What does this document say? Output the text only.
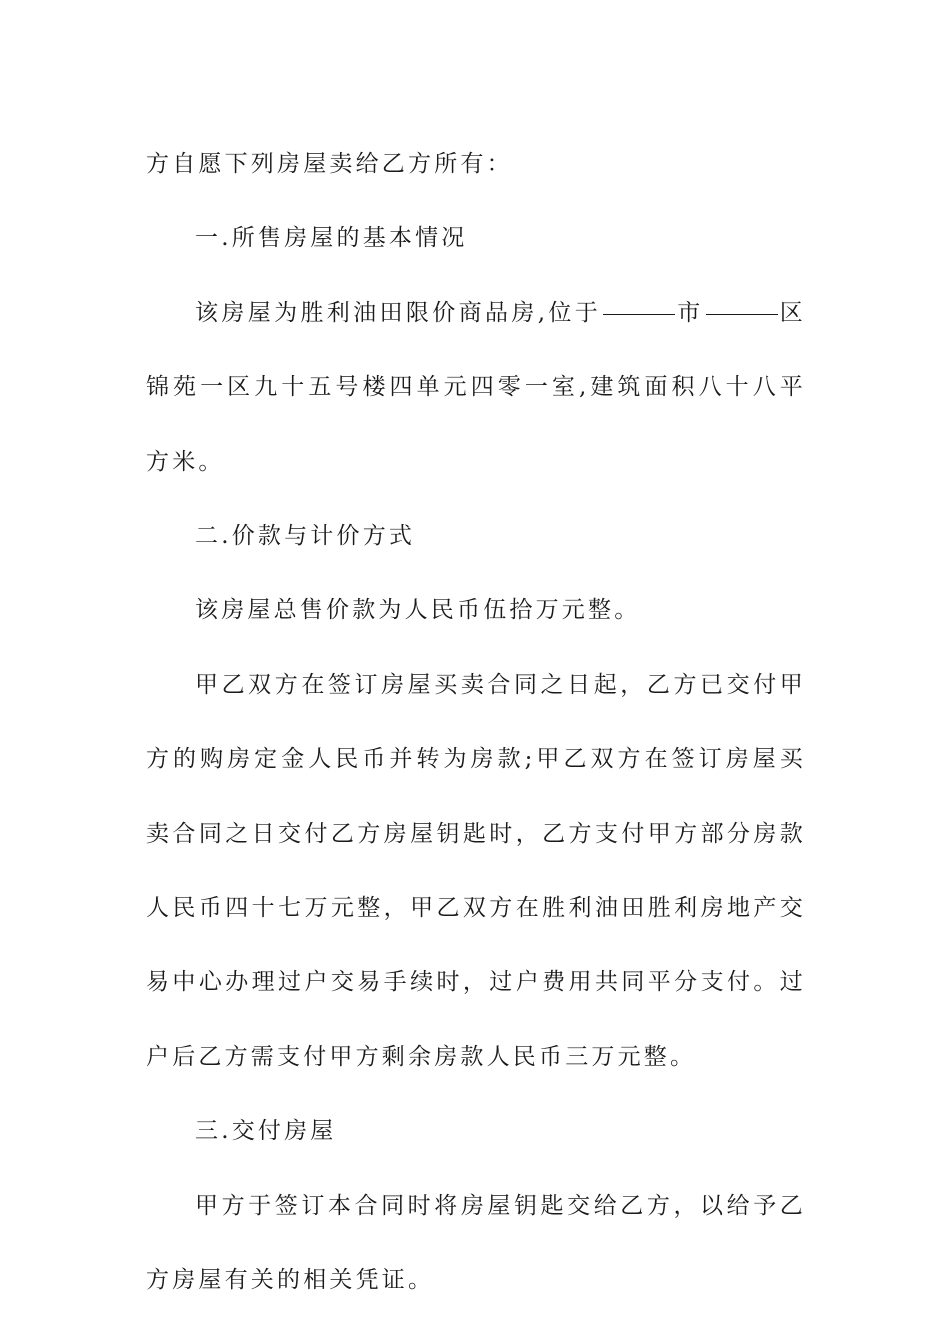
方自愿下列房屋卖给乙方所有：

一.所售房屋的基本情况

该房屋为胜利油田限价商品房,位于	市	区锦苑一区九十五号楼四单元四零一室,建筑面积八十八平方米。

二.价款与计价方式

该房屋总售价款为人民币伍拾万元整。

甲乙双方在签订房屋买卖合同之日起，乙方已交付甲方的购房定金人民币并转为房款;甲乙双方在签订房屋买卖合同之日交付乙方房屋钥匙时，乙方支付甲方部分房款人民币四十七万元整，甲乙双方在胜利油田胜利房地产交易中心办理过户交易手续时，过户费用共同平分支付。过户后乙方需支付甲方剩余房款人民币三万元整。

三.交付房屋

甲方于签订本合同时将房屋钥匙交给乙方，以给予乙方房屋有关的相关凭证。
